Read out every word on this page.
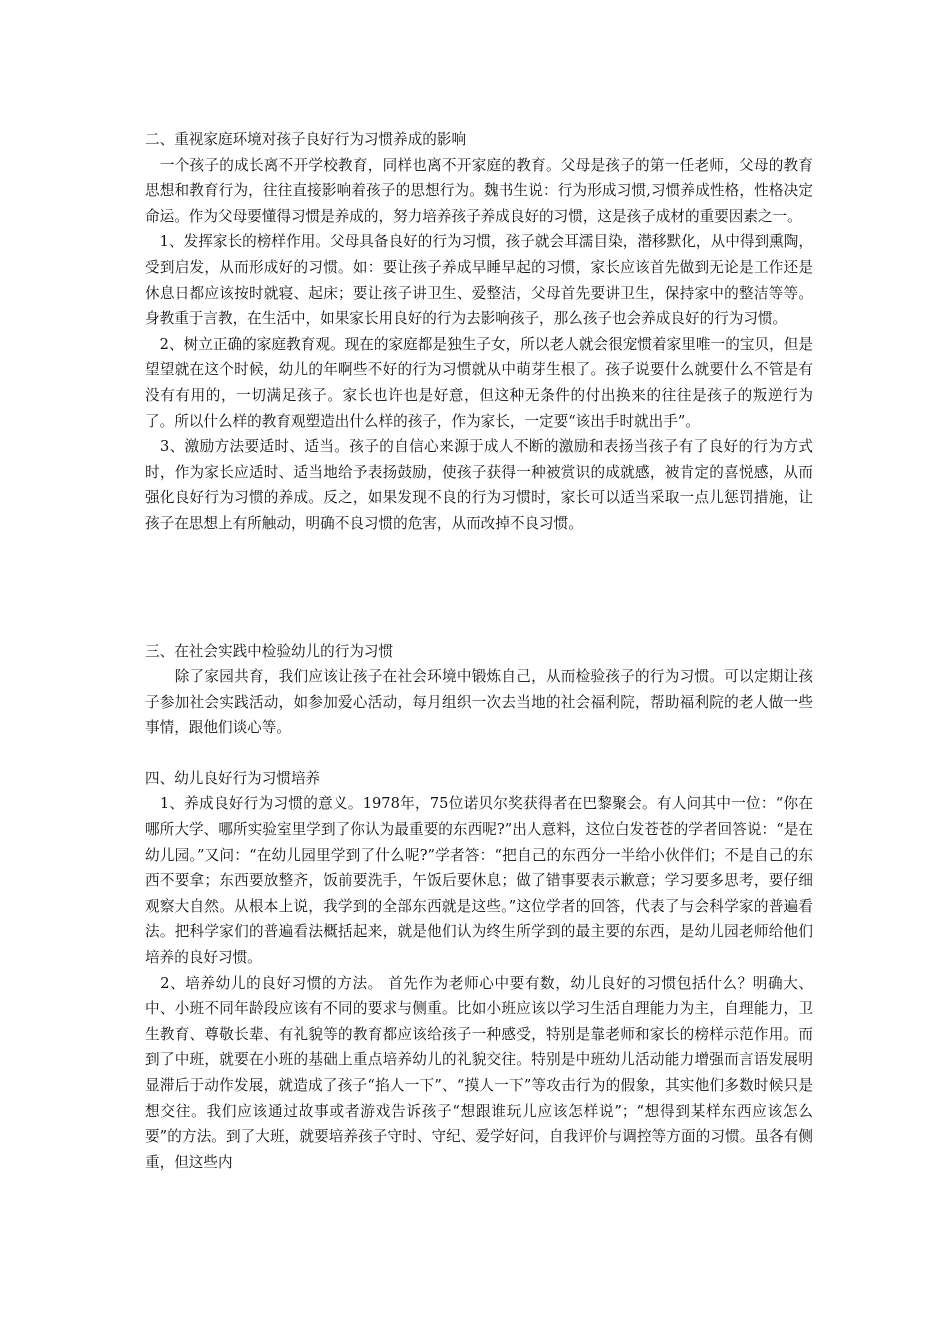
二、重视家庭环境对孩子良好行为习惯养成的影响

　一个孩子的成长离不开学校教育，同样也离不开家庭的教育。父母是孩子的第一任老师，父母的教育思想和教育行为，往往直接影响着孩子的思想行为。魏书生说：行为形成习惯,习惯养成性格，性格决定命运。作为父母要懂得习惯是养成的，努力培养孩子养成良好的习惯，这是孩子成材的重要因素之一。

　1、发挥家长的榜样作用。父母具备良好的行为习惯，孩子就会耳濡目染，潜移默化，从中得到熏陶，受到启发，从而形成好的习惯。如：要让孩子养成早睡早起的习惯，家长应该首先做到无论是工作还是休息日都应该按时就寝、起床；要让孩子讲卫生、爱整洁，父母首先要讲卫生，保持家中的整洁等等。身教重于言教，在生活中，如果家长用良好的行为去影响孩子，那么孩子也会养成良好的行为习惯。

　2、树立正确的家庭教育观。现在的家庭都是独生子女，所以老人就会很宠惯着家里唯一的宝贝，但是望望就在这个时候，幼儿的年啊些不好的行为习惯就从中萌芽生根了。孩子说要什么就要什么不管是有没有有用的，一切满足孩子。家长也许也是好意，但这种无条件的付出换来的往往是孩子的叛逆行为了。所以什么样的教育观塑造出什么样的孩子，作为家长，一定要“该出手时就出手”。

　3、激励方法要适时、适当。孩子的自信心来源于成人不断的激励和表扬当孩子有了良好的行为方式时，作为家长应适时、适当地给予表扬鼓励，使孩子获得一种被赏识的成就感，被肯定的喜悦感，从而强化良好行为习惯的养成。反之，如果发现不良的行为习惯时，家长可以适当采取一点儿惩罚措施，让孩子在思想上有所触动，明确不良习惯的危害，从而改掉不良习惯。

三、在社会实践中检验幼儿的行为习惯

　　除了家园共育，我们应该让孩子在社会环境中锻炼自己，从而检验孩子的行为习惯。可以定期让孩子参加社会实践活动，如参加爱心活动，每月组织一次去当地的社会福利院，帮助福利院的老人做一些事情，跟他们谈心等。

四、幼儿良好行为习惯培养

　1、养成良好行为习惯的意义。1978年，75位诺贝尔奖获得者在巴黎聚会。有人问其中一位：“你在哪所大学、哪所实验室里学到了你认为最重要的东西呢?”出人意料，这位白发苍苍的学者回答说：“是在幼儿园。”又问：“在幼儿园里学到了什么呢?”学者答：“把自己的东西分一半给小伙伴们；不是自己的东西不要拿；东西要放整齐，饭前要洗手，午饭后要休息；做了错事要表示歉意；学习要多思考，要仔细观察大自然。从根本上说，我学到的全部东西就是这些。”这位学者的回答，代表了与会科学家的普遍看法。把科学家们的普遍看法概括起来，就是他们认为终生所学到的最主要的东西，是幼儿园老师给他们培养的良好习惯。

　2、培养幼儿的良好习惯的方法。 首先作为老师心中要有数，幼儿良好的习惯包括什么？明确大、中、小班不同年龄段应该有不同的要求与侧重。比如小班应该以学习生活自理能力为主，自理能力，卫生教育、尊敬长辈、有礼貌等的教育都应该给孩子一种感受，特别是靠老师和家长的榜样示范作用。而到了中班，就要在小班的基础上重点培养幼儿的礼貌交往。特别是中班幼儿活动能力增强而言语发展明显滞后于动作发展，就造成了孩子“掐人一下”、“摸人一下”等攻击行为的假象，其实他们多数时候只是想交往。我们应该通过故事或者游戏告诉孩子“想跟谁玩儿应该怎样说”；“想得到某样东西应该怎么要”的方法。到了大班，就要培养孩子守时、守纪、爱学好问，自我评价与调控等方面的习惯。虽各有侧重，但这些内
